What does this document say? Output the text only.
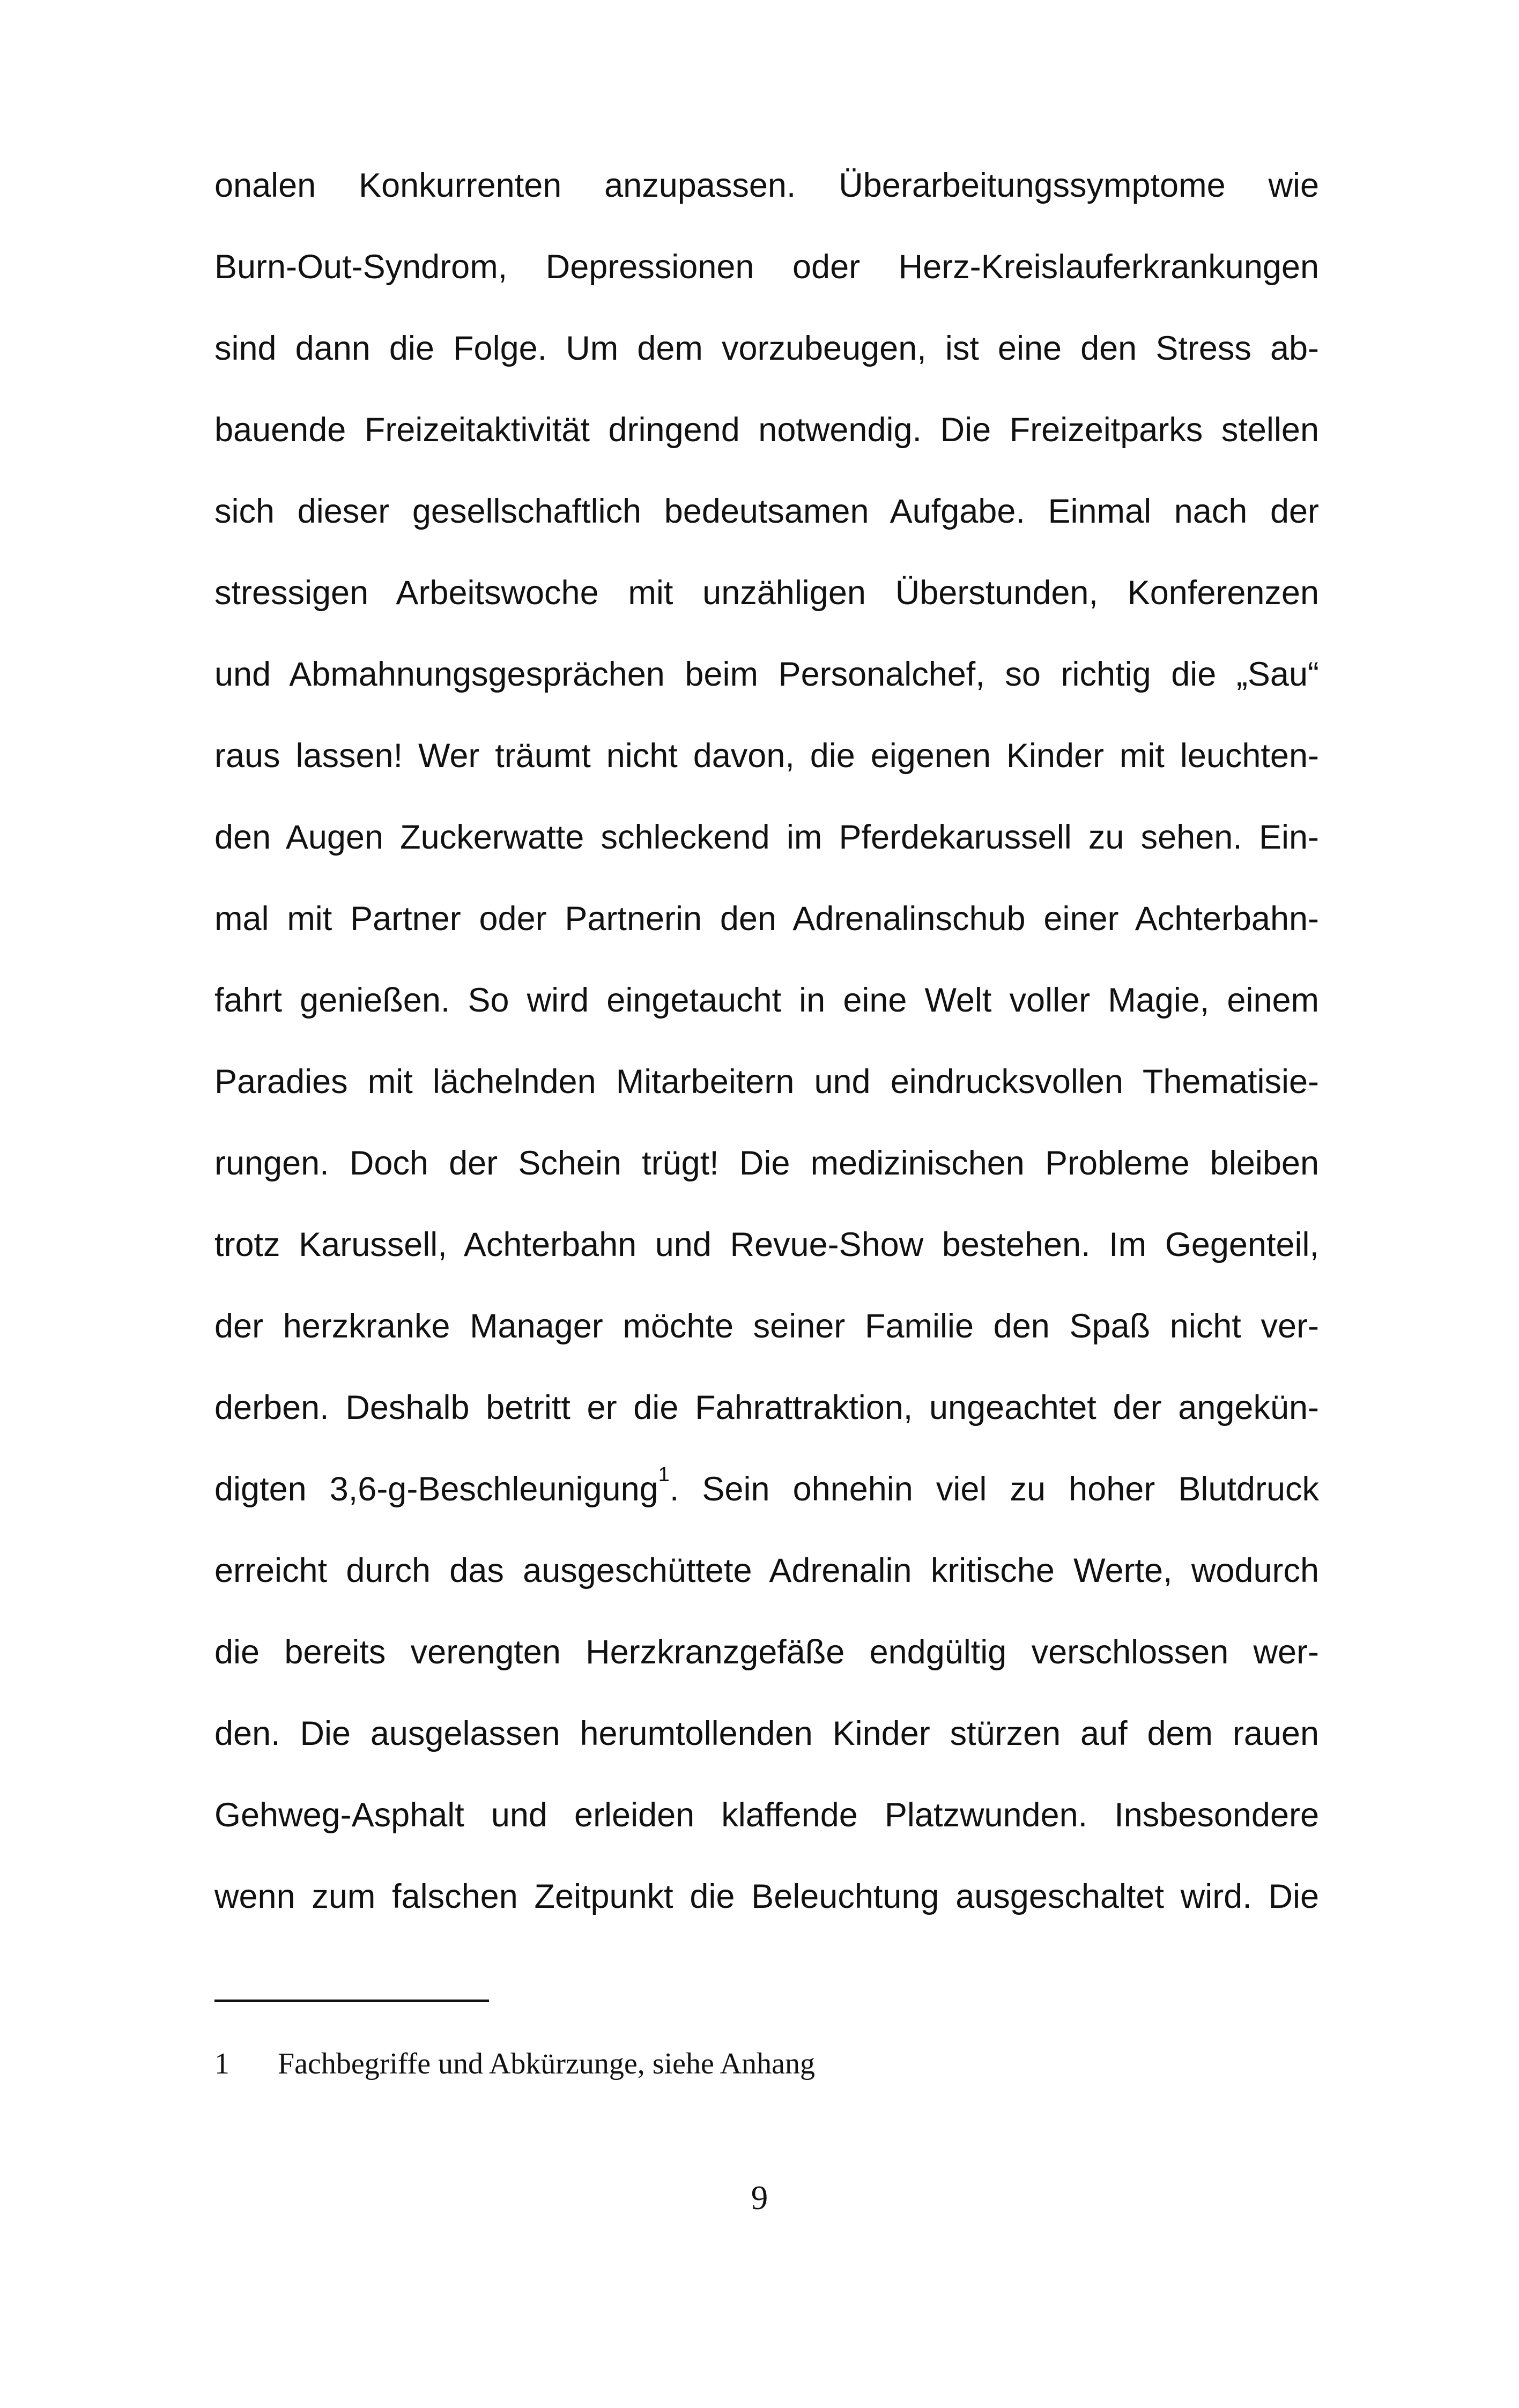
onalen Konkurrenten anzupassen. Überarbeitungssymptome wie
Burn-Out-Syndrom, Depressionen oder Herz-Kreislauferkrankungen
sind dann die Folge. Um dem vorzubeugen, ist eine den Stress ab-
bauende Freizeitaktivität dringend notwendig. Die Freizeitparks stellen
sich dieser gesellschaftlich bedeutsamen Aufgabe. Einmal nach der
stressigen Arbeitswoche mit unzähligen Überstunden, Konferenzen
und Abmahnungsgesprächen beim Personalchef, so richtig die „Sau“
raus lassen! Wer träumt nicht davon, die eigenen Kinder mit leuchten-
den Augen Zuckerwatte schleckend im Pferdekarussell zu sehen. Ein-
mal mit Partner oder Partnerin den Adrenalinschub einer Achterbahn-
fahrt genießen. So wird eingetaucht in eine Welt voller Magie, einem
Paradies mit lächelnden Mitarbeitern und eindrucksvollen Thematisie-
rungen. Doch der Schein trügt! Die medizinischen Probleme bleiben
trotz Karussell, Achterbahn und Revue-Show bestehen. Im Gegenteil,
der herzkranke Manager möchte seiner Familie den Spaß nicht ver-
derben. Deshalb betritt er die Fahrattraktion, ungeachtet der angekün-
digten 3,6-g-Beschleunigung$^1$. Sein ohnehin viel zu hoher Blutdruck
erreicht durch das ausgeschüttete Adrenalin kritische Werte, wodurch
die bereits verengten Herzkranzgefäße endgültig verschlossen wer-
den. Die ausgelassen herumtollenden Kinder stürzen auf dem rauen
Gehweg-Asphalt und erleiden klaffende Platzwunden. Insbesondere
wenn zum falschen Zeitpunkt die Beleuchtung ausgeschaltet wird. Die
1 Fachbegriffe und Abkürzunge, siehe Anhang
9
